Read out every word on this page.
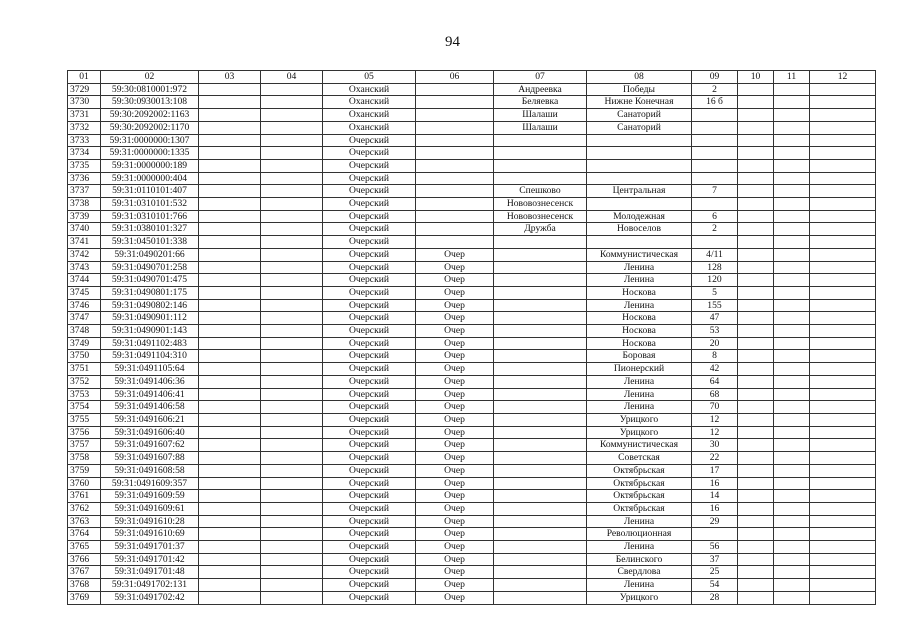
94
01	02	03	04	05	06	07	08	09	10	11	12
3729	59:30:0810001:972			Оханский		Андреевка	Победы	2			
3730	59:30:0930013:108			Оханский		Беляевка	Нижне Конечная	16 б			
3731	59:30:2092002:1163			Оханский		Шалаши	Санаторий				
3732	59:30:2092002:1170			Оханский		Шалаши	Санаторий				
3733	59:31:0000000:1307			Очерский							
3734	59:31:0000000:1335			Очерский							
3735	59:31:0000000:189			Очерский							
3736	59:31:0000000:404			Очерский							
3737	59:31:0110101:407			Очерский		Спешково	Центральная	7			
3738	59:31:0310101:532			Очерский		Нововознесенск					
3739	59:31:0310101:766			Очерский		Нововознесенск	Молодежная	6			
3740	59:31:0380101:327			Очерский		Дружба	Новоселов	2			
3741	59:31:0450101:338			Очерский							
3742	59:31:0490201:66			Очерский	Очер		Коммунистическая	4/11			
3743	59:31:0490701:258			Очерский	Очер		Ленина	128			
3744	59:31:0490701:475			Очерский	Очер		Ленина	120			
3745	59:31:0490801:175			Очерский	Очер		Носкова	5			
3746	59:31:0490802:146			Очерский	Очер		Ленина	155			
3747	59:31:0490901:112			Очерский	Очер		Носкова	47			
3748	59:31:0490901:143			Очерский	Очер		Носкова	53			
3749	59:31:0491102:483			Очерский	Очер		Носкова	20			
3750	59:31:0491104:310			Очерский	Очер		Боровая	8			
3751	59:31:0491105:64			Очерский	Очер		Пионерский	42			
3752	59:31:0491406:36			Очерский	Очер		Ленина	64			
3753	59:31:0491406:41			Очерский	Очер		Ленина	68			
3754	59:31:0491406:58			Очерский	Очер		Ленина	70			
3755	59:31:0491606:21			Очерский	Очер		Урицкого	12			
3756	59:31:0491606:40			Очерский	Очер		Урицкого	12			
3757	59:31:0491607:62			Очерский	Очер		Коммунистическая	30			
3758	59:31:0491607:88			Очерский	Очер		Советская	22			
3759	59:31:0491608:58			Очерский	Очер		Октябрьская	17			
3760	59:31:0491609:357			Очерский	Очер		Октябрьская	16			
3761	59:31:0491609:59			Очерский	Очер		Октябрьская	14			
3762	59:31:0491609:61			Очерский	Очер		Октябрьская	16			
3763	59:31:0491610:28			Очерский	Очер		Ленина	29			
3764	59:31:0491610:69			Очерский	Очер		Революционная				
3765	59:31:0491701:37			Очерский	Очер		Ленина	56			
3766	59:31:0491701:42			Очерский	Очер		Белинского	37			
3767	59:31:0491701:48			Очерский	Очер		Свердлова	25			
3768	59:31:0491702:131			Очерский	Очер		Ленина	54			
3769	59:31:0491702:42			Очерский	Очер		Урицкого	28			
